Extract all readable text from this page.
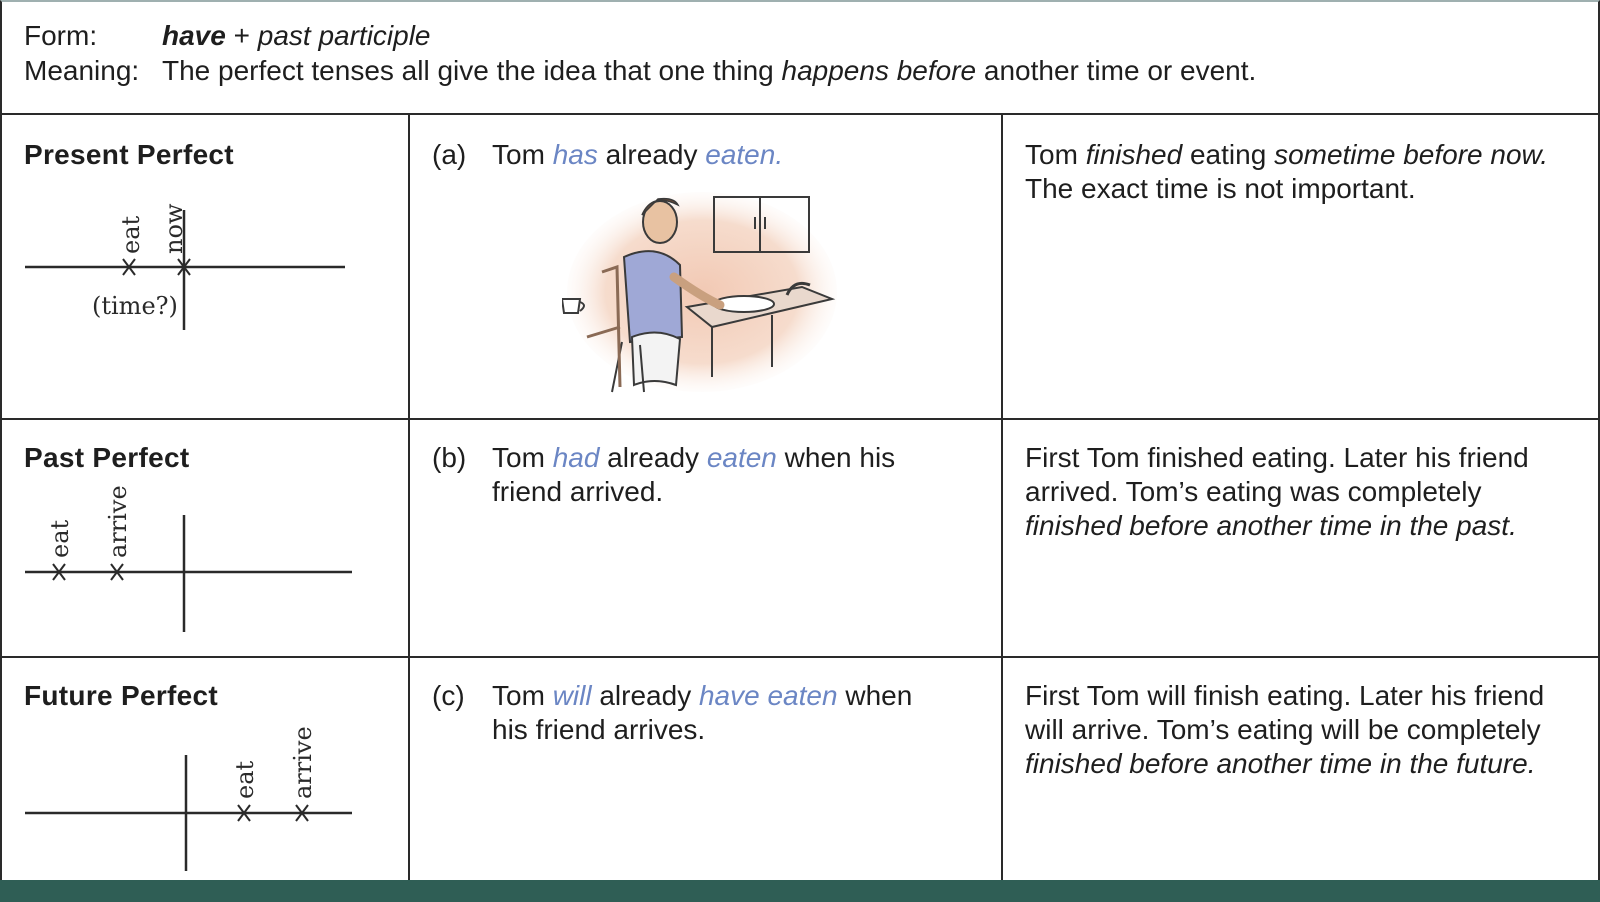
Form: have + past participle
Meaning: The perfect tenses all give the idea that one thing happens before another time or event.
Present Perfect
eat now
(time?)
(a) Tom has already eaten.	Tom finished eating sometime before now. The exact time is not important.
Past Perfect
eat arrive
(b) Tom had already eaten when his friend arrived.
First Tom finished eating. Later his friend arrived. Tom’s eating was completely finished before another time in the past.
Future Perfect
eat arrive
(c) Tom will already have eaten when his friend arrives.
First Tom will finish eating. Later his friend will arrive. Tom’s eating will be completely finished before another time in the future.
